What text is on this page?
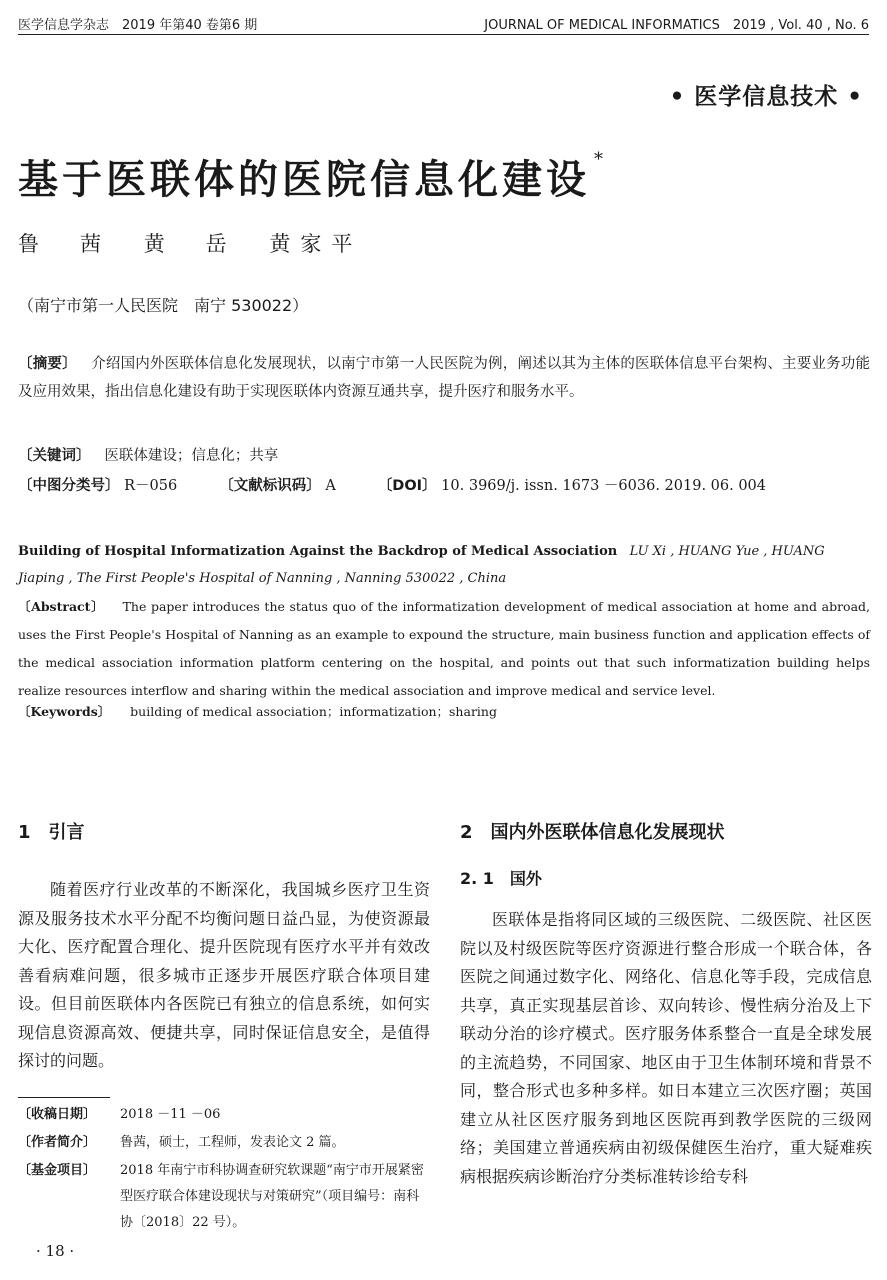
医学信息学杂志　2019 年第40 卷第6 期	JOURNAL OF MEDICAL INFORMATICS　2019 , Vol. 40 , No. 6
• 医学信息技术 •
基于医联体的医院信息化建设 *
鲁　茜 黄　岳 黄家平
（南宁市第一人民医院　南宁 530022）
〔摘要〕 介绍国内外医联体信息化发展现状，以南宁市第一人民医院为例，阐述以其为主体的医联体信息平台架构、主要业务功能及应用效果，指出信息化建设有助于实现医联体内资源互通共享，提升医疗和服务水平。
〔关键词〕 医联体建设；信息化；共享
〔中图分类号〕 R－056	〔文献标识码〕 A	〔DOI〕 10. 3969/j. issn. 1673 －6036. 2019. 06. 004
Building of Hospital Informatization Against the Backdrop of Medical Association LU Xi , HUANG Yue , HUANG Jiaping , The First People's Hospital of Nanning , Nanning 530022 , China
〔Abstract〕 The paper introduces the status quo of the informatization development of medical association at home and abroad, uses the First People's Hospital of Nanning as an example to expound the structure, main business function and application effects of the medical association information platform centering on the hospital, and points out that such informatization building helps realize resources interflow and sharing within the medical association and improve medical and service level.
〔Keywords〕 building of medical association；informatization；sharing
1　引言

随着医疗行业改革的不断深化，我国城乡医疗卫生资源及服务技术水平分配不均衡问题日益凸显，为使资源最大化、医疗配置合理化、提升医院现有医疗水平并有效改善看病难问题，很多城市正逐步开展医疗联合体项目建设。但目前医联体内各医院已有独立的信息系统，如何实现信息资源高效、便捷共享，同时保证信息安全，是值得探讨的问题。

〔收稿日期〕 2018 －11 －06
〔作者简介〕 鲁茜，硕士，工程师，发表论文 2 篇。
〔基金项目〕 2018 年南宁市科协调查研究软课题“南宁市开展紧密型医疗联合体建设现状与对策研究”（项目编号：南科协〔2018〕22 号）。
· 18 ·
2　国内外医联体信息化发展现状
2. 1　国外

医联体是指将同区域的三级医院、二级医院、社区医院以及村级医院等医疗资源进行整合形成一个联合体，各医院之间通过数字化、网络化、信息化等手段，完成信息共享，真正实现基层首诊、双向转诊、慢性病分治及上下联动分治的诊疗模式。医疗服务体系整合一直是全球发展的主流趋势，不同国家、地区由于卫生体制环境和背景不同，整合形式也多种多样。如日本建立三次医疗圈；英国建立从社区医疗服务到地区医院再到教学医院的三级网络；美国建立普通疾病由初级保健医生治疗，重大疑难疾病根据疾病诊断治疗分类标准转诊给专科
